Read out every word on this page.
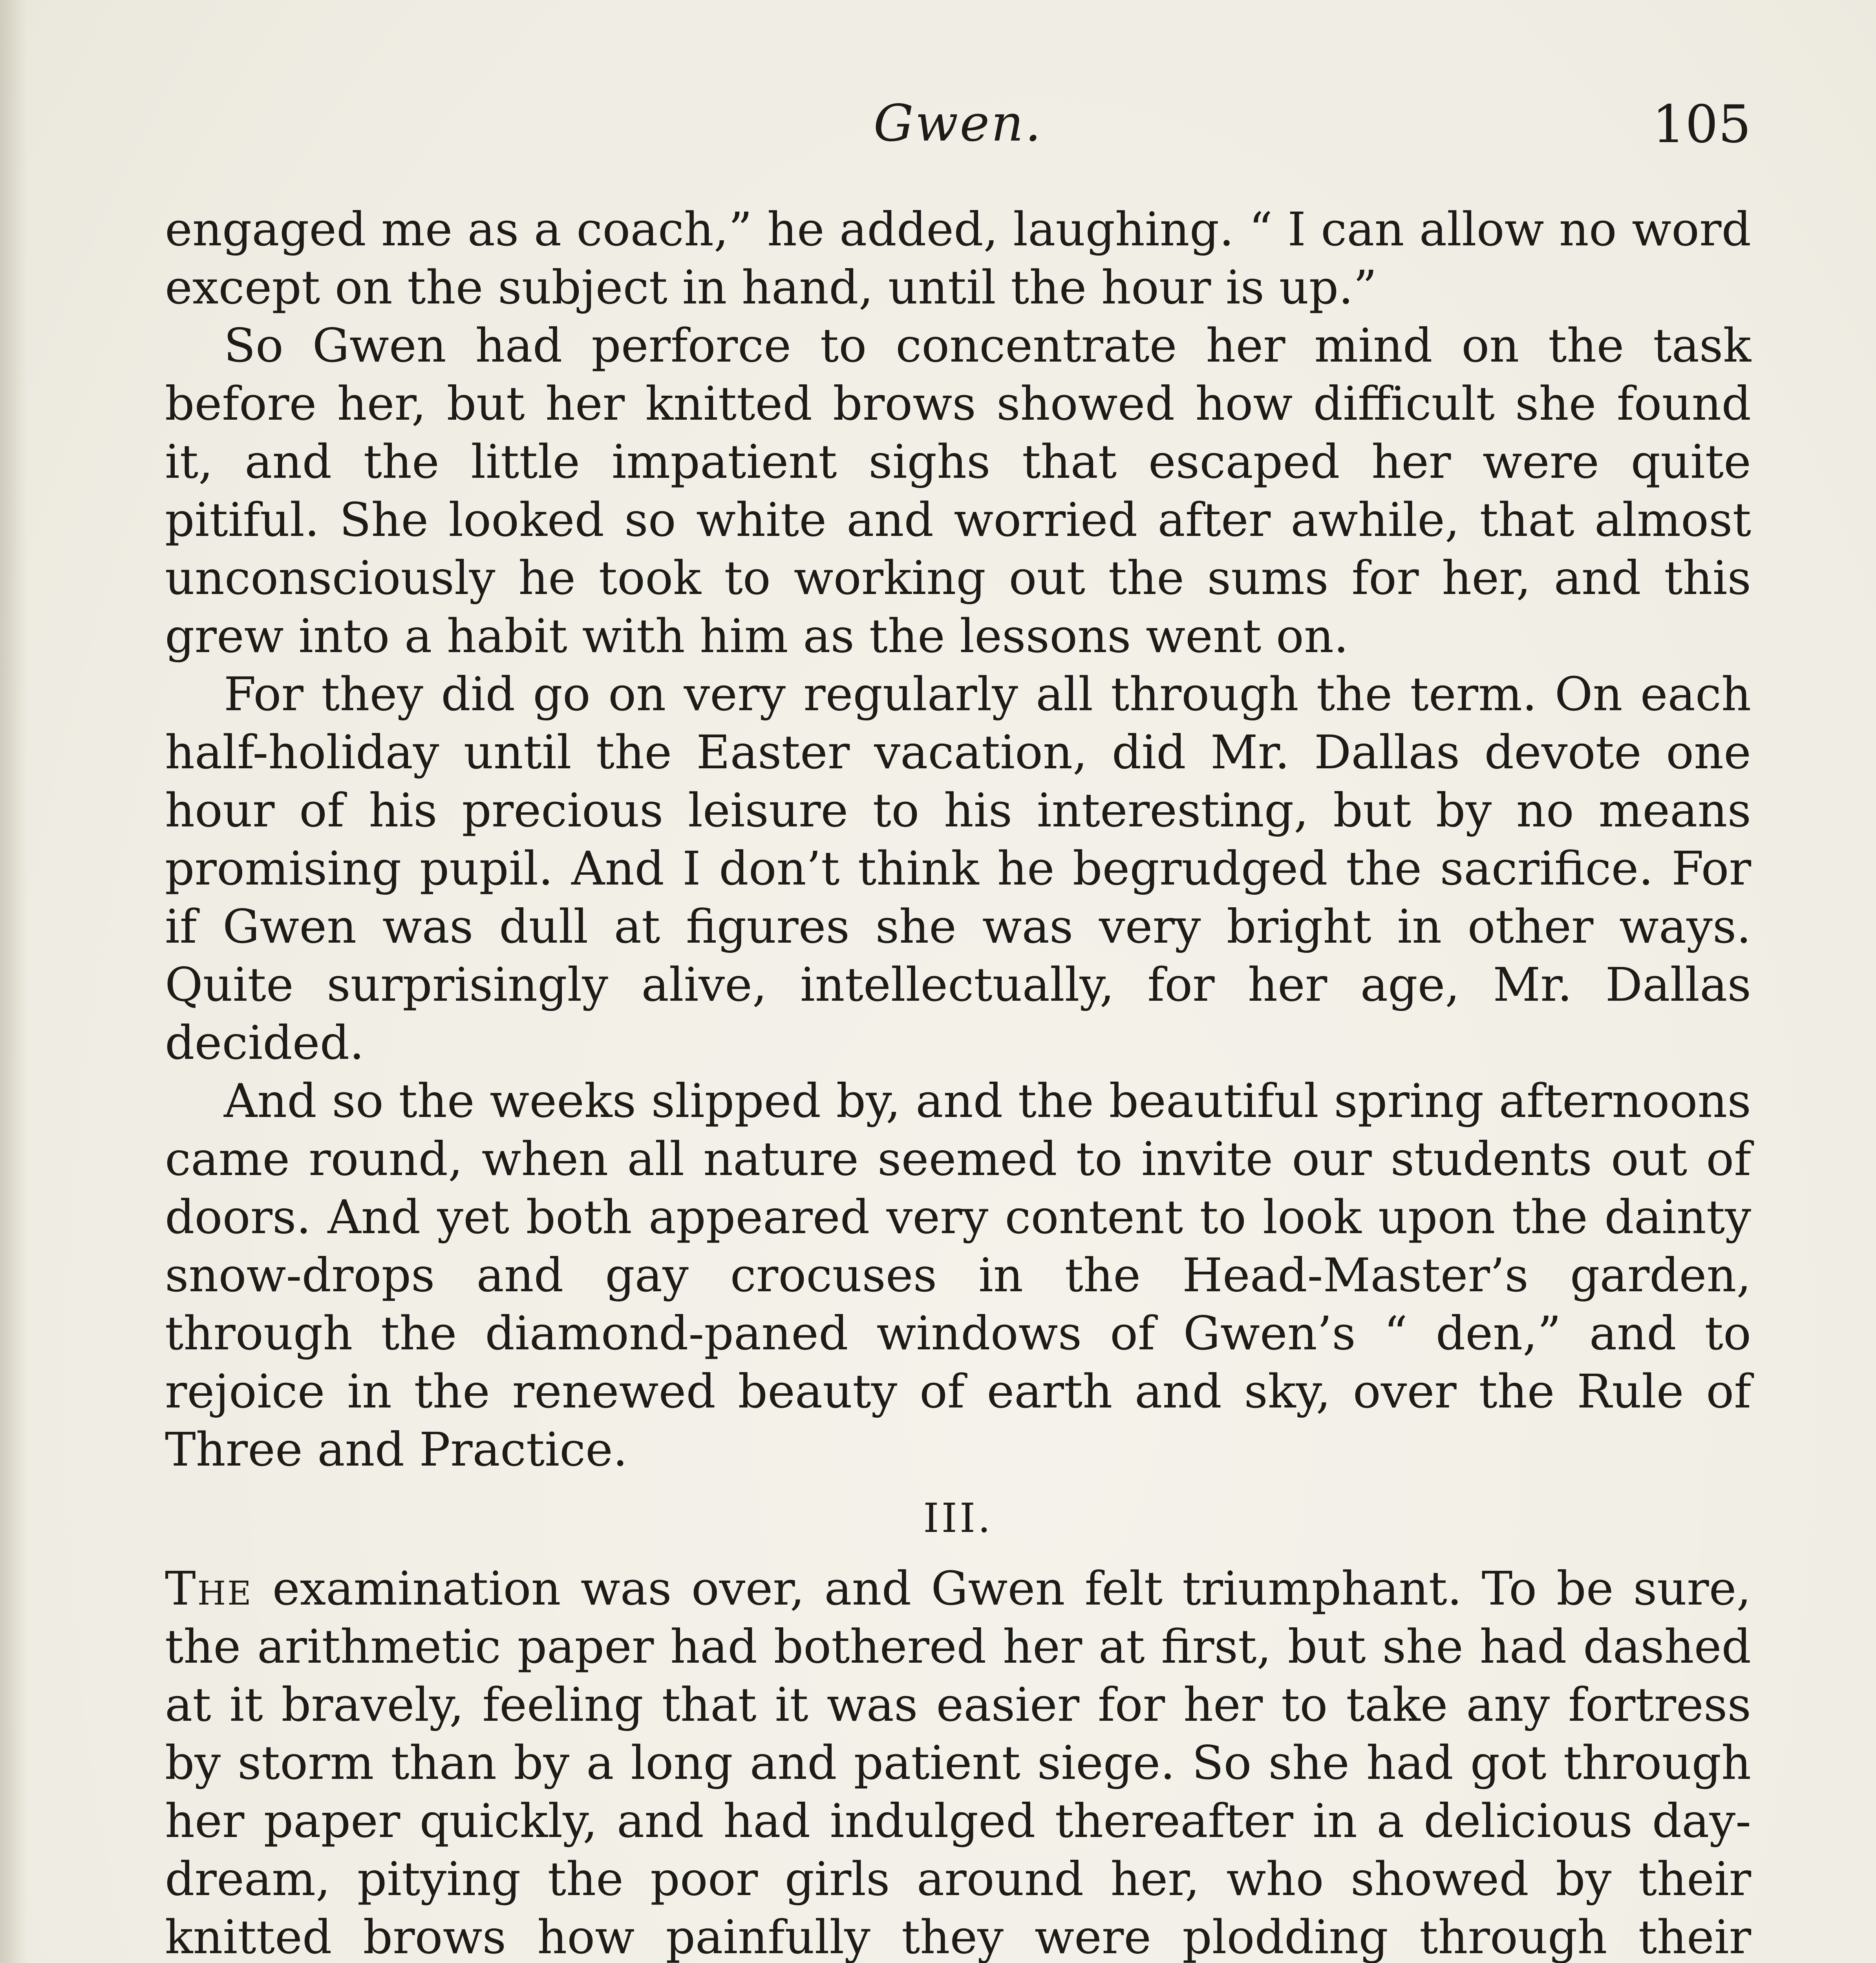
Gwen.	105

engaged me as a coach,” he added, laughing. “ I can allow no word except on the subject in hand, until the hour is up.”

So Gwen had perforce to concentrate her mind on the task before her, but her knitted brows showed how difficult she found it, and the little impatient sighs that escaped her were quite pitiful. She looked so white and worried after awhile, that almost unconsciously he took to working out the sums for her, and this grew into a habit with him as the lessons went on.

For they did go on very regularly all through the term. On each half-holiday until the Easter vacation, did Mr. Dallas devote one hour of his precious leisure to his interesting, but by no means promising pupil. And I don’t think he begrudged the sacrifice. For if Gwen was dull at figures she was very bright in other ways. Quite surprisingly alive, intellectually, for her age, Mr. Dallas decided.

And so the weeks slipped by, and the beautiful spring afternoons came round, when all nature seemed to invite our students out of doors. And yet both appeared very content to look upon the dainty snow-drops and gay crocuses in the Head-Master’s garden, through the diamond-paned windows of Gwen’s “ den,” and to rejoice in the renewed beauty of earth and sky, over the Rule of Three and Practice.

III.

The examination was over, and Gwen felt triumphant. To be sure, the arithmetic paper had bothered her at first, but she had dashed at it bravely, feeling that it was easier for her to take any fortress by storm than by a long and patient siege. So she had got through her paper quickly, and had indulged thereafter in a delicious day-dream, pitying the poor girls around her, who showed by their knitted brows how painfully they were plodding through their
